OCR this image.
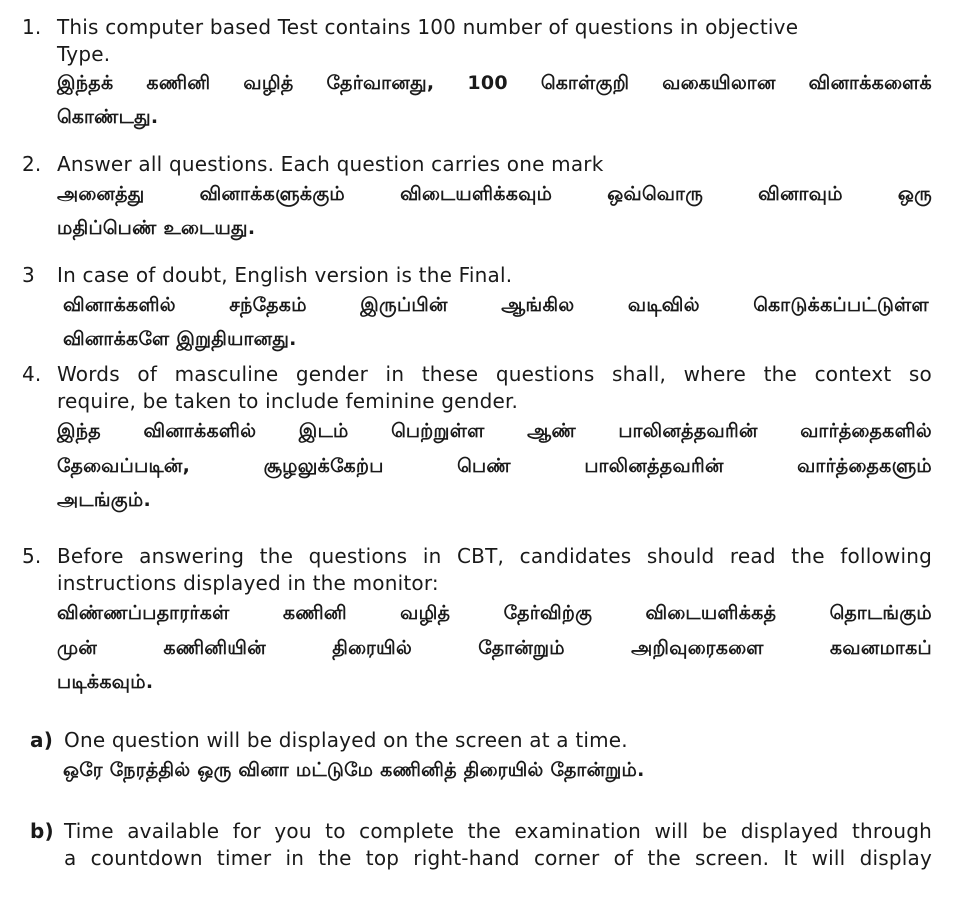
1. This computer based Test contains 100 number of questions in objective
Type.
இந்தக் கணினி வழித் தேர்வானது, 100 கொள்குறி வகையிலான வினாக்களைக்
கொண்டது.
2. Answer all questions. Each question carries one mark
அனைத்து வினாக்களுக்கும் விடையளிக்கவும் ஒவ்வொரு வினாவும் ஒரு
மதிப்பெண் உடையது.
3 In case of doubt, English version is the Final.
வினாக்களில் சந்தேகம் இருப்பின் ஆங்கில வடிவில் கொடுக்கப்பட்டுள்ள
வினாக்களே இறுதியானது.
4. Words of masculine gender in these questions shall, where the context so
require, be taken to include feminine gender.
இந்த வினாக்களில் இடம் பெற்றுள்ள ஆண் பாலினத்தவரின் வார்த்தைகளில்
தேவைப்படின், சூழலுக்கேற்ப பெண் பாலினத்தவரின் வார்த்தைகளும்
அடங்கும்.
5. Before answering the questions in CBT, candidates should read the following
instructions displayed in the monitor:
விண்ணப்பதாரர்கள் கணினி வழித் தேர்விற்கு விடையளிக்கத் தொடங்கும்
முன் கணினியின் திரையில் தோன்றும் அறிவுரைகளை கவனமாகப்
படிக்கவும்.
a) One question will be displayed on the screen at a time.
ஒரே நேரத்தில் ஒரு வினா மட்டுமே கணினித் திரையில் தோன்றும்.
b) Time available for you to complete the examination will be displayed through
a countdown timer in the top right-hand corner of the screen. It will display
